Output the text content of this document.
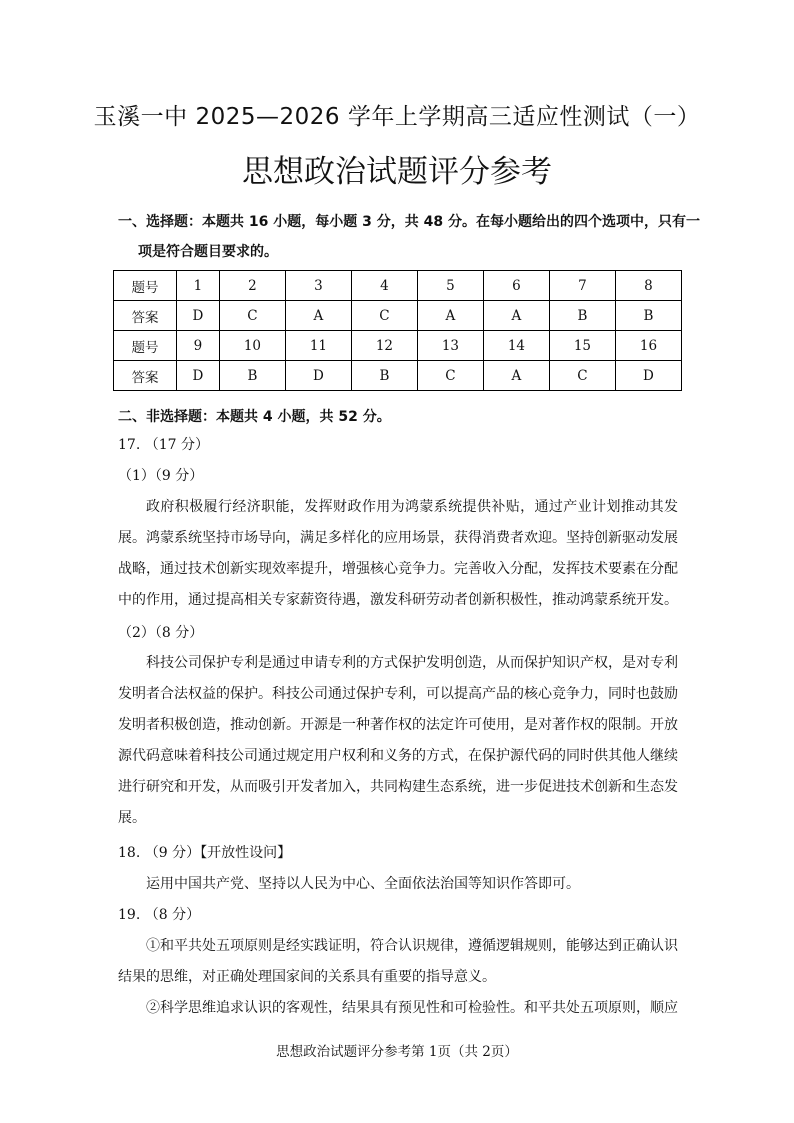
玉溪一中 2025—2026 学年上学期高三适应性测试（一）
思想政治试题评分参考
一、选择题：本题共 16 小题，每小题 3 分，共 48 分。在每小题给出的四个选项中，只有一
项是符合题目要求的。
题号	1	2	3	4	5	6	7	8
答案	D	C	A	C	A	A	B	B
题号	9	10	11	12	13	14	15	16
答案	D	B	D	B	C	A	C	D
二、非选择题：本题共 4 小题，共 52 分。
17. （17 分）
（1）（9 分）
政府积极履行经济职能，发挥财政作用为鸿蒙系统提供补贴，通过产业计划推动其发展。鸿蒙系统坚持市场导向，满足多样化的应用场景，获得消费者欢迎。坚持创新驱动发展战略，通过技术创新实现效率提升，增强核心竞争力。完善收入分配，发挥技术要素在分配中的作用，通过提高相关专家薪资待遇，激发科研劳动者创新积极性，推动鸿蒙系统开发。
（2）（8 分）
科技公司保护专利是通过申请专利的方式保护发明创造，从而保护知识产权，是对专利发明者合法权益的保护。科技公司通过保护专利，可以提高产品的核心竞争力，同时也鼓励发明者积极创造，推动创新。开源是一种著作权的法定许可使用，是对著作权的限制。开放源代码意味着科技公司通过规定用户权利和义务的方式，在保护源代码的同时供其他人继续进行研究和开发，从而吸引开发者加入，共同构建生态系统，进一步促进技术创新和生态发展。
18. （9 分）【开放性设问】
运用中国共产党、坚持以人民为中心、全面依法治国等知识作答即可。
19. （8 分）
①和平共处五项原则是经实践证明，符合认识规律，遵循逻辑规则，能够达到正确认识结果的思维，对正确处理国家间的关系具有重要的指导意义。
②科学思维追求认识的客观性，结果具有预见性和可检验性。和平共处五项原则，顺应
思想政治试题评分参考第 1页（共 2页）
